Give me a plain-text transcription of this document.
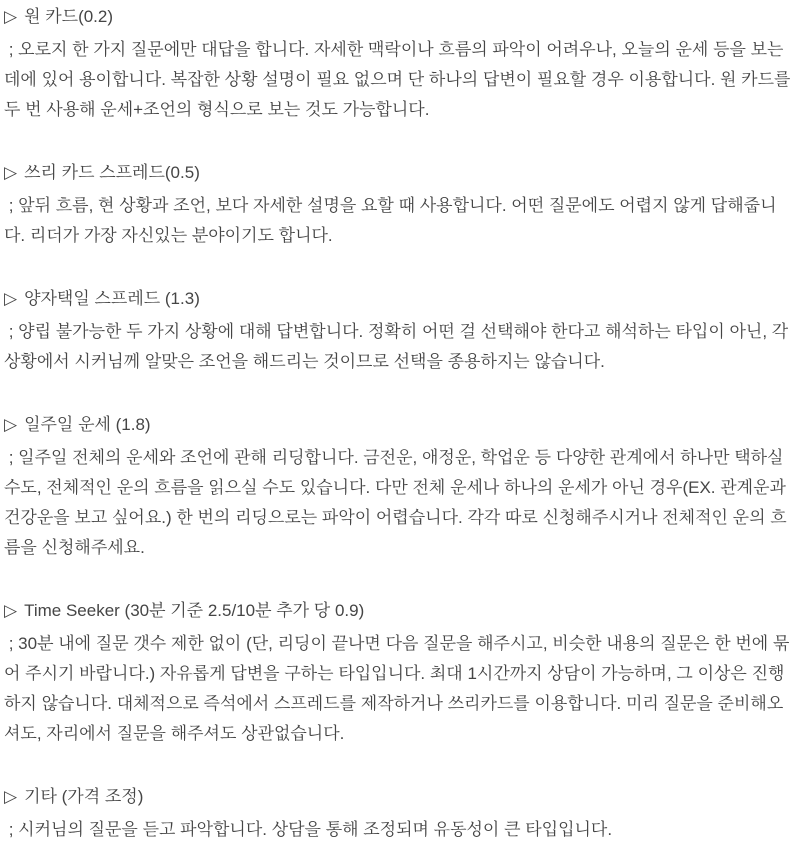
▷ 원 카드(0.2)

; 오로지 한 가지 질문에만 대답을 합니다. 자세한 맥락이나 흐름의 파악이 어려우나, 오늘의 운세 등을 보는 데에 있어 용이합니다. 복잡한 상황 설명이 필요 없으며 단 하나의 답변이 필요할 경우 이용합니다. 원 카드를 두 번 사용해 운세+조언의 형식으로 보는 것도 가능합니다.

▷ 쓰리 카드 스프레드(0.5)

; 앞뒤 흐름, 현 상황과 조언, 보다 자세한 설명을 요할 때 사용합니다. 어떤 질문에도 어렵지 않게 답해줍니다. 리더가 가장 자신있는 분야이기도 합니다.

▷ 양자택일 스프레드 (1.3)

; 양립 불가능한 두 가지 상황에 대해 답변합니다. 정확히 어떤 걸 선택해야 한다고 해석하는 타입이 아닌, 각 상황에서 시커님께 알맞은 조언을 해드리는 것이므로 선택을 종용하지는 않습니다.

▷ 일주일 운세 (1.8)

; 일주일 전체의 운세와 조언에 관해 리딩합니다. 금전운, 애정운, 학업운 등 다양한 관계에서 하나만 택하실 수도, 전체적인 운의 흐름을 읽으실 수도 있습니다. 다만 전체 운세나 하나의 운세가 아닌 경우(EX. 관계운과 건강운을 보고 싶어요.) 한 번의 리딩으로는 파악이 어렵습니다. 각각 따로 신청해주시거나 전체적인 운의 흐름을 신청해주세요.

▷ Time Seeker (30분 기준 2.5/10분 추가 당 0.9)

; 30분 내에 질문 갯수 제한 없이 (단, 리딩이 끝나면 다음 질문을 해주시고, 비슷한 내용의 질문은 한 번에 묶어 주시기 바랍니다.) 자유롭게 답변을 구하는 타입입니다. 최대 1시간까지 상담이 가능하며, 그 이상은 진행하지 않습니다. 대체적으로 즉석에서 스프레드를 제작하거나 쓰리카드를 이용합니다. 미리 질문을 준비해오셔도, 자리에서 질문을 해주셔도 상관없습니다.

▷ 기타 (가격 조정)

; 시커님의 질문을 듣고 파악합니다. 상담을 통해 조정되며 유동성이 큰 타입입니다.
